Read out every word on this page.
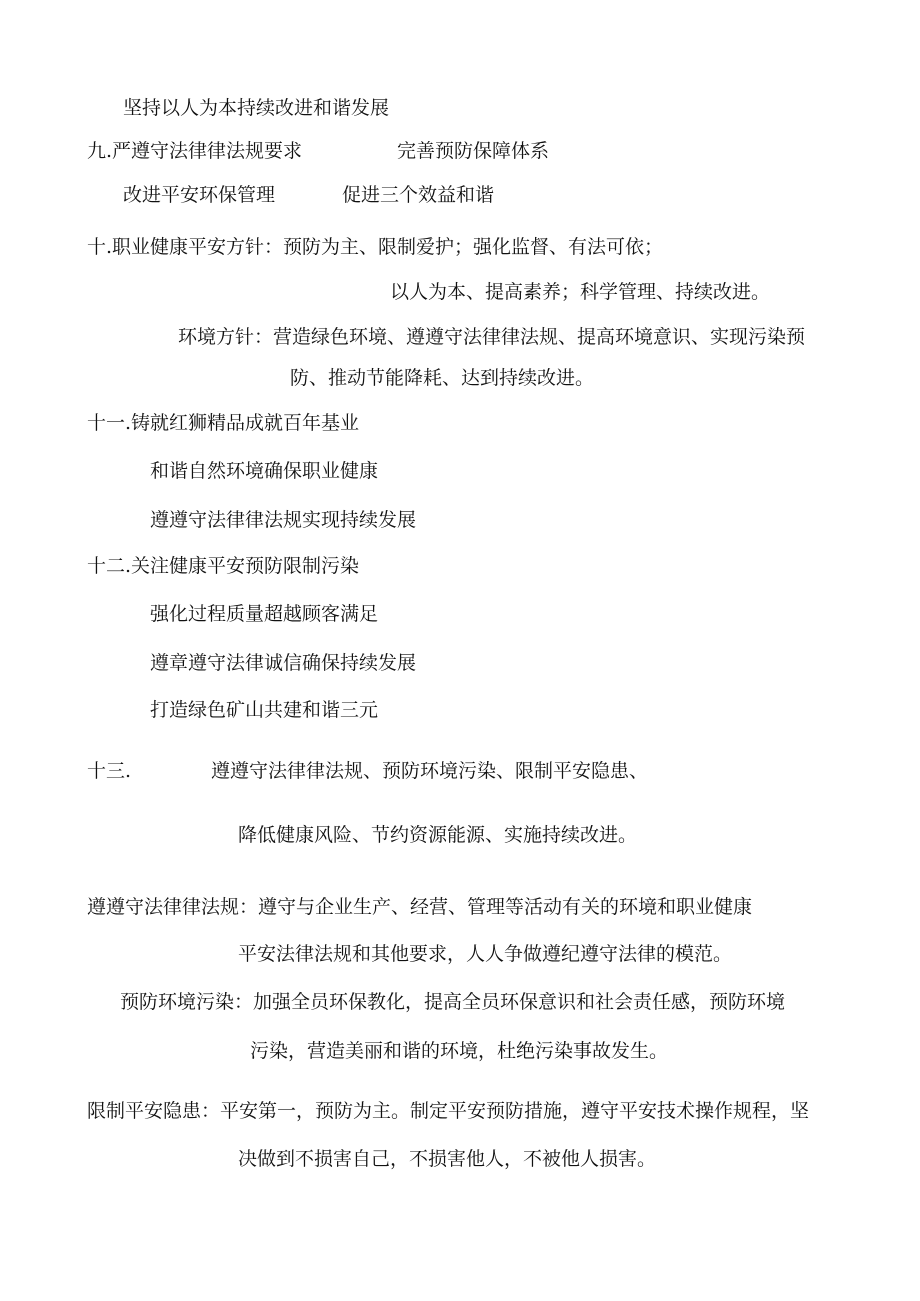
坚持以人为本持续改进和谐发展
九.严遵守法律律法规要求	完善预防保障体系
改进平安环保管理	促进三个效益和谐
十.职业健康平安方针：预防为主、限制爱护；强化监督、有法可依；
以人为本、提高素养；科学管理、持续改进。
环境方针：营造绿色环境、遵遵守法律律法规、提高环境意识、实现污染预
防、推动节能降耗、达到持续改进。
十一.铸就红狮精品成就百年基业
和谐自然环境确保职业健康
遵遵守法律律法规实现持续发展
十二.关注健康平安预防限制污染
强化过程质量超越顾客满足
遵章遵守法律诚信确保持续发展
打造绿色矿山共建和谐三元
十三.	遵遵守法律律法规、预防环境污染、限制平安隐患、
降低健康风险、节约资源能源、实施持续改进。
遵遵守法律律法规：遵守与企业生产、经营、管理等活动有关的环境和职业健康
平安法律法规和其他要求，人人争做遵纪遵守法律的模范。
预防环境污染：加强全员环保教化，提高全员环保意识和社会责任感，预防环境
污染，营造美丽和谐的环境，杜绝污染事故发生。
限制平安隐患：平安第一，预防为主。制定平安预防措施，遵守平安技术操作规程，坚
决做到不损害自己，不损害他人，不被他人损害。
